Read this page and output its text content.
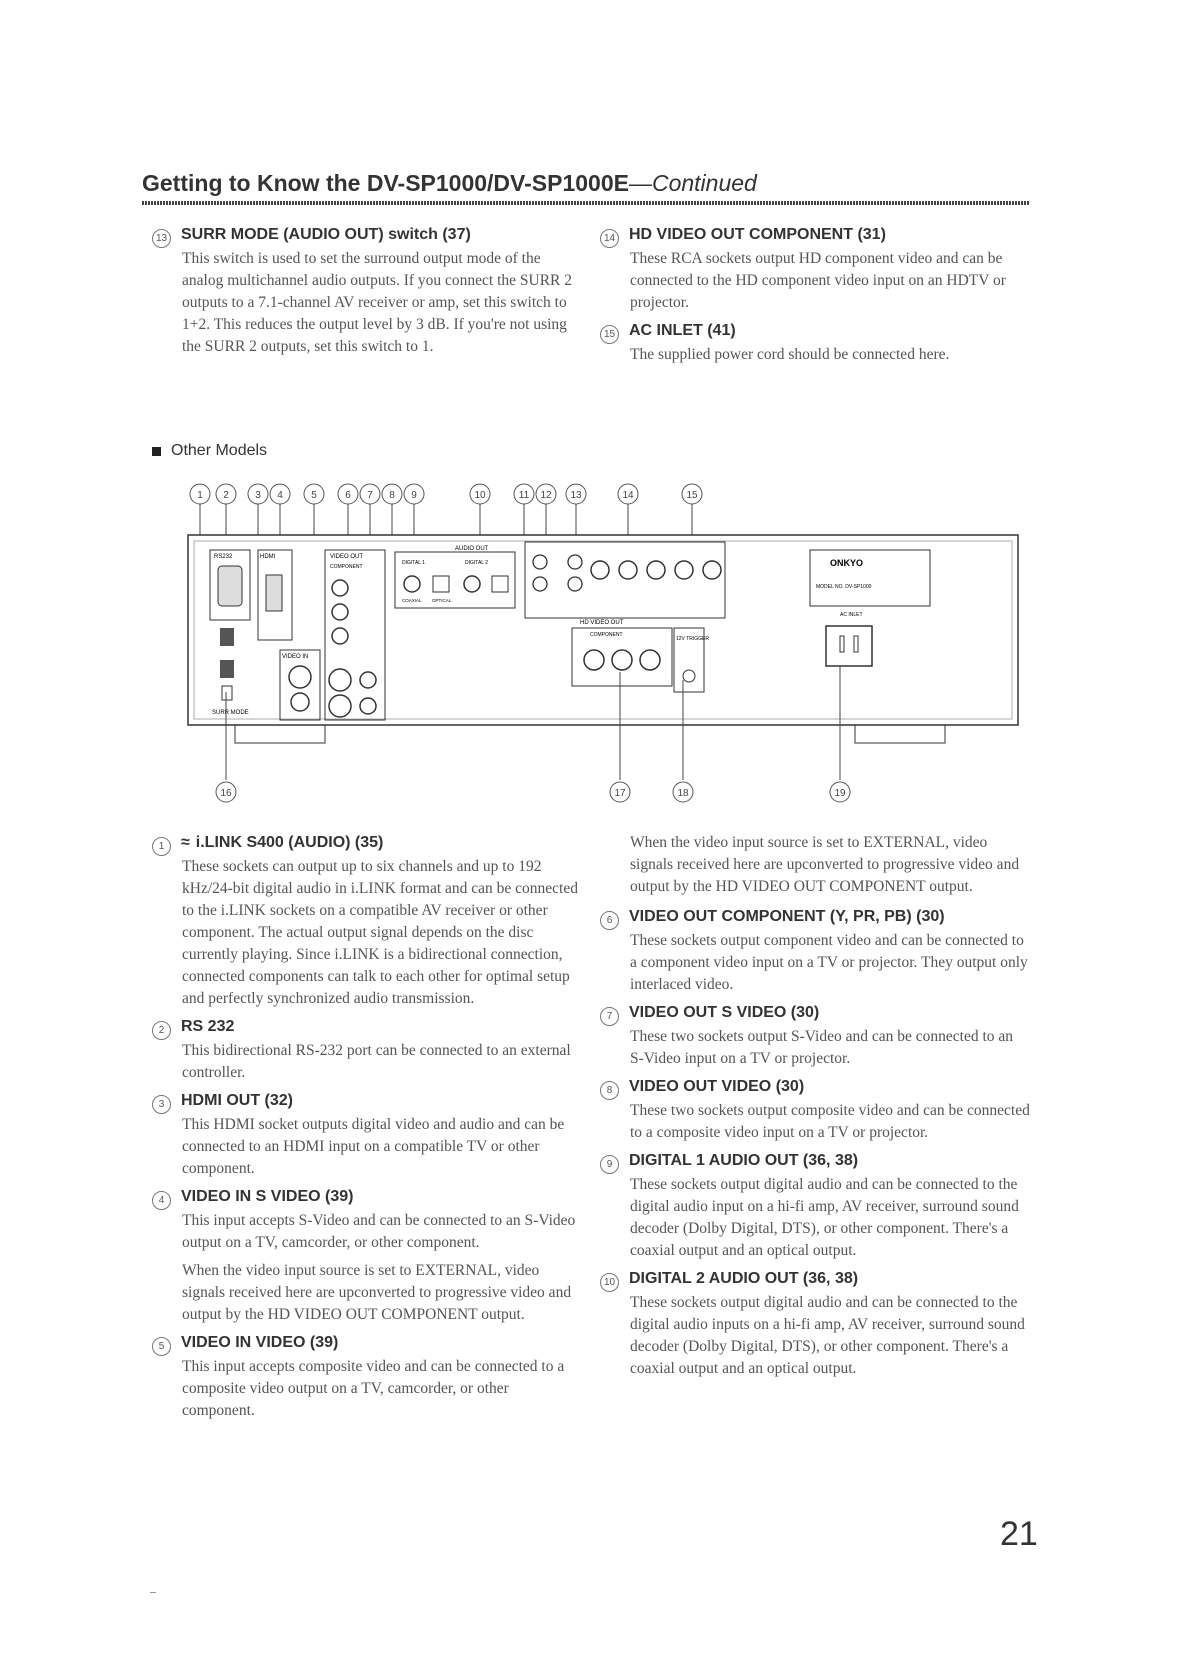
Getting to Know the DV-SP1000/DV-SP1000E—Continued
13 SURR MODE (AUDIO OUT) switch (37)

This switch is used to set the surround output mode of the analog multichannel audio outputs. If you connect the SURR 2 outputs to a 7.1-channel AV receiver or amp, set this switch to 1+2. This reduces the output level by 3 dB. If you're not using the SURR 2 outputs, set this switch to 1.

14 HD VIDEO OUT COMPONENT (31)

These RCA sockets output HD component video and can be connected to the HD component video input on an HDTV or projector.

15 AC INLET (41)

The supplied power cord should be connected here.

Other Models
1 2	3 4	5	6 7 8 9	10	11 12 13	14	15
RS232	HDMI
SURR MODE
VIDEO IN
VIDEO OUT
COMPONENT
AUDIO OUT
DIGITAL 1	DIGITAL 2
COAXIAL OPTICAL
HD VIDEO OUT
COMPONENT
12V TRIGGER
ONKYO
MODEL NO. DV-SP1000
AC INLET
16	17	18	19
1	≈ i.LINK S400 (AUDIO) (35)

These sockets can output up to six channels and up to 192 kHz/24-bit digital audio in i.LINK format and can be connected to the i.LINK sockets on a compatible AV receiver or other component. The actual output signal depends on the disc currently playing. Since i.LINK is a bidirectional connection, connected components can talk to each other for optimal setup and perfectly synchronized audio transmission.

2	RS 232

This bidirectional RS-232 port can be connected to an external controller.

3	HDMI OUT (32)

This HDMI socket outputs digital video and audio and can be connected to an HDMI input on a compatible TV or other component.

4	VIDEO IN S VIDEO (39)

This input accepts S-Video and can be connected to an S-Video output on a TV, camcorder, or other component.

When the video input source is set to EXTERNAL, video signals received here are upconverted to progressive video and output by the HD VIDEO OUT COMPONENT output.

5	VIDEO IN VIDEO (39)

This input accepts composite video and can be connected to a composite video output on a TV, camcorder, or other component.

When the video input source is set to EXTERNAL, video signals received here are upconverted to progressive video and output by the HD VIDEO OUT COMPONENT output.
6	VIDEO OUT COMPONENT (Y, PR, PB) (30)

These sockets output component video and can be connected to a component video input on a TV or projector. They output only interlaced video.

7	VIDEO OUT S VIDEO (30)

These two sockets output S-Video and can be connected to an S-Video input on a TV or projector.

8	VIDEO OUT VIDEO (30)

These two sockets output composite video and can be connected to a composite video input on a TV or projector.

9	DIGITAL 1 AUDIO OUT (36, 38)

These sockets output digital audio and can be connected to the digital audio input on a hi-fi amp, AV receiver, surround sound decoder (Dolby Digital, DTS), or other component. There's a coaxial output and an optical output.

10 DIGITAL 2 AUDIO OUT (36, 38)

These sockets output digital audio and can be connected to the digital audio inputs on a hi-fi amp, AV receiver, surround sound decoder (Dolby Digital, DTS), or other component. There's a coaxial output and an optical output.

21
